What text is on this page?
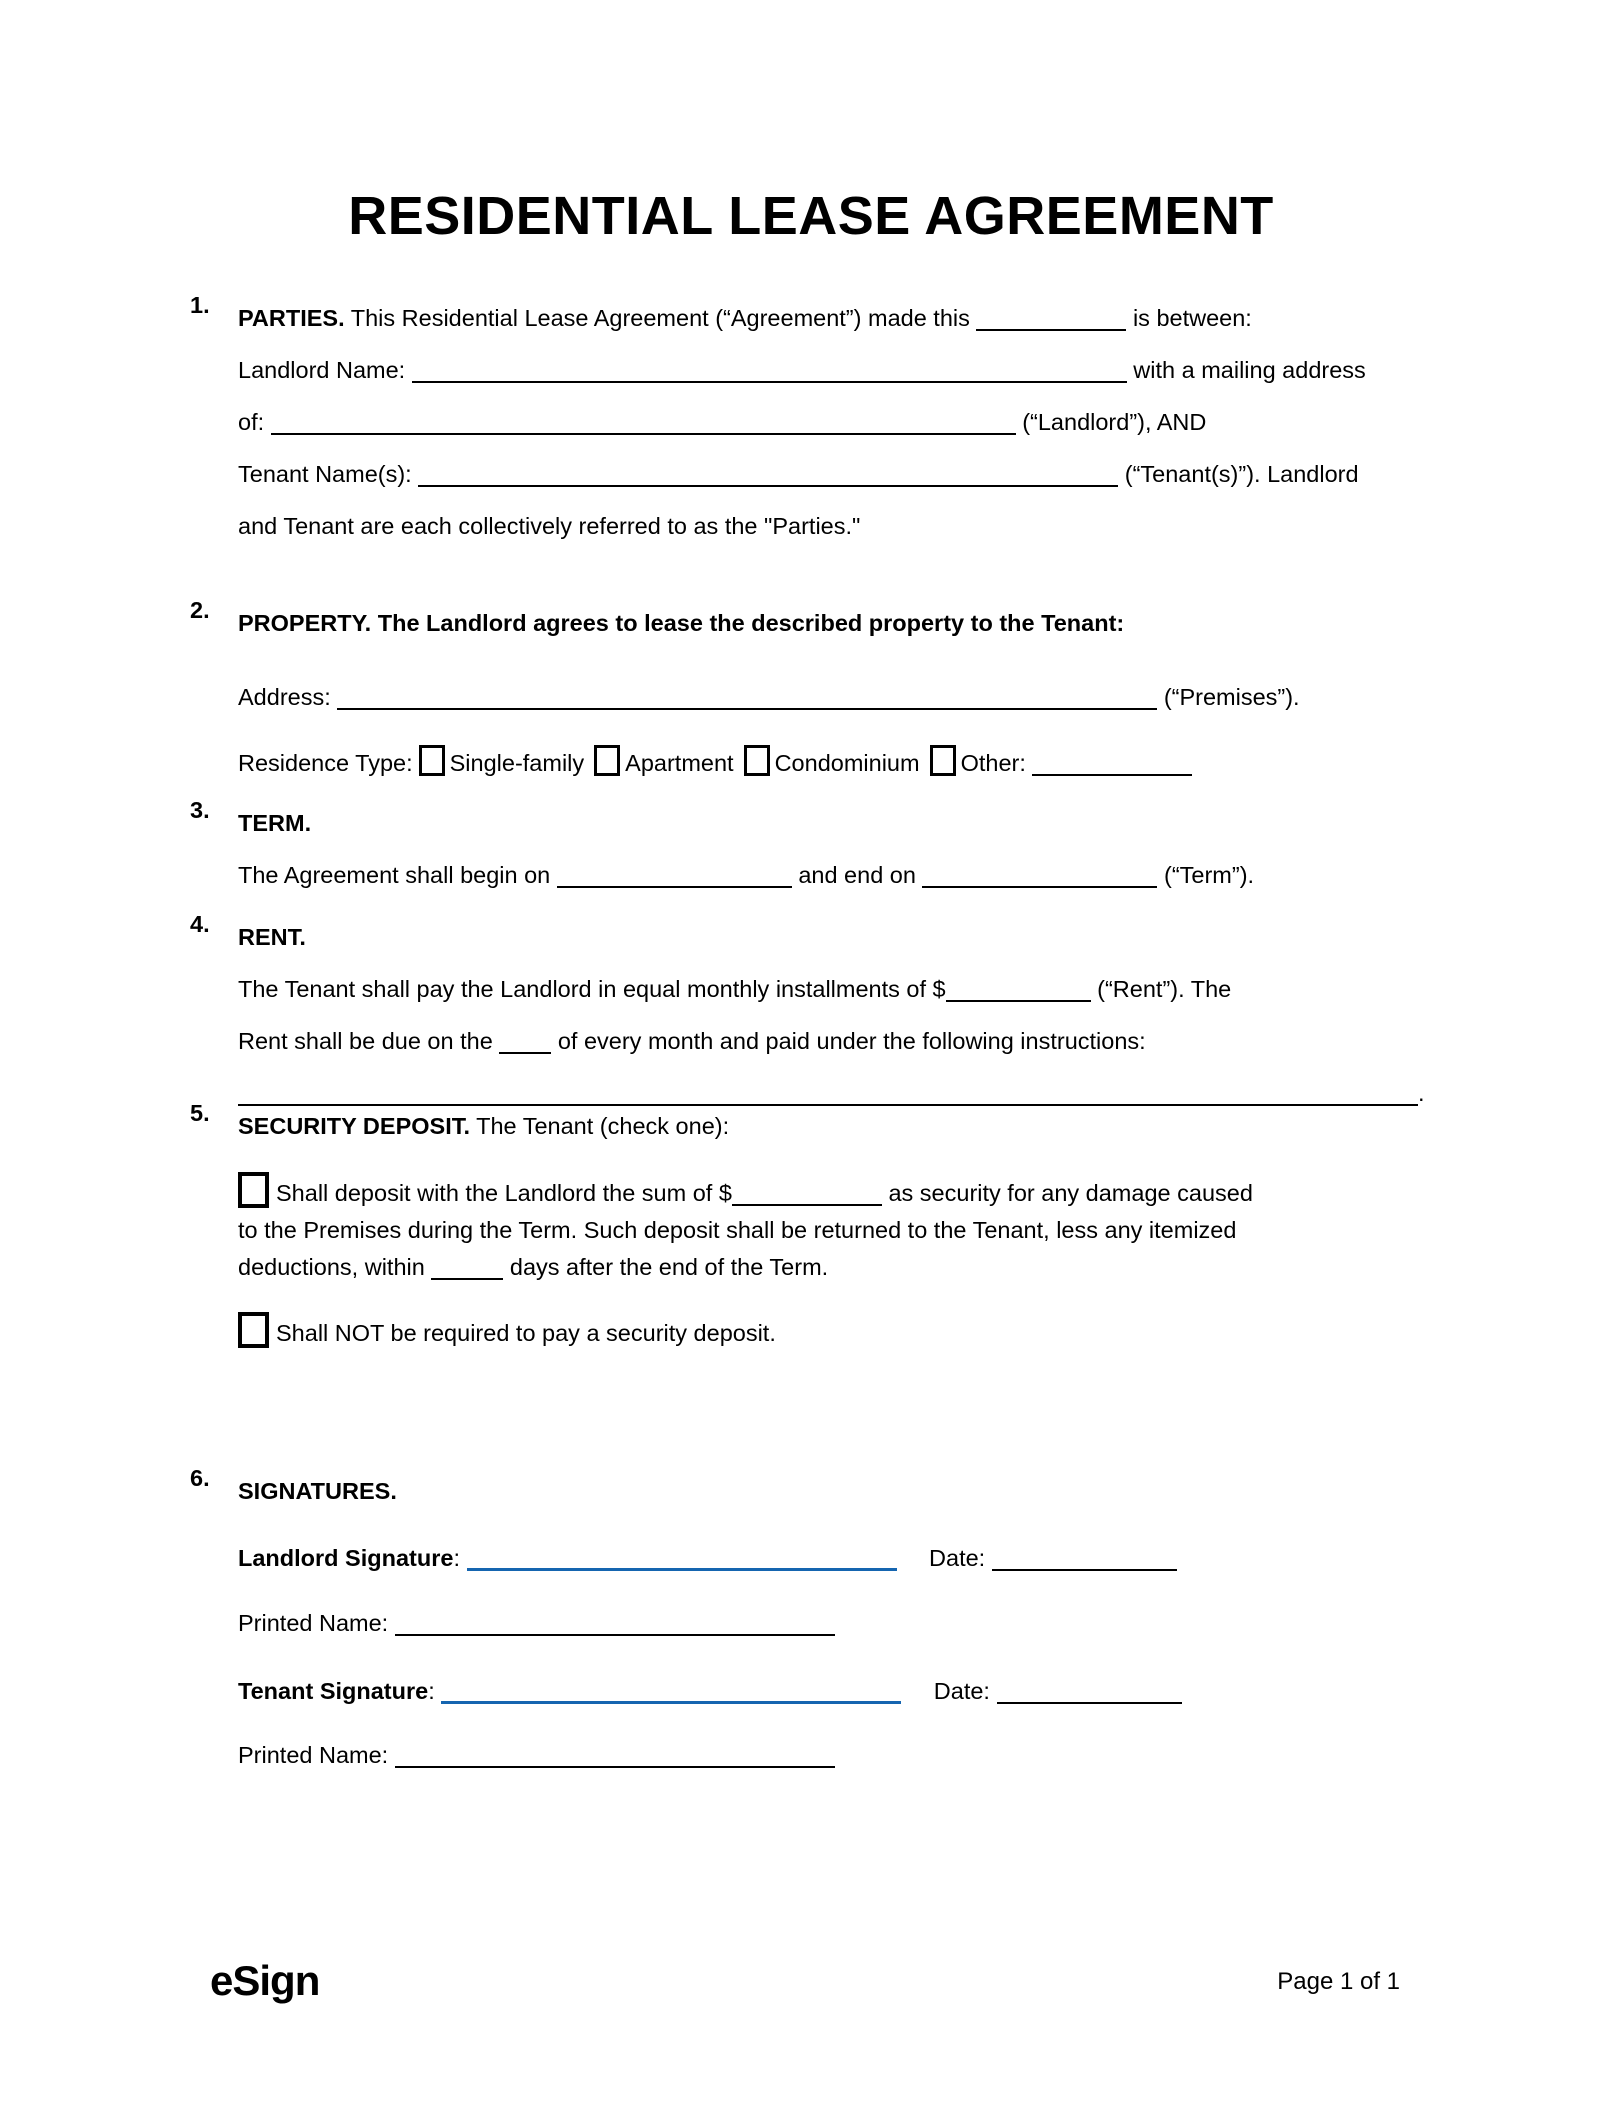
RESIDENTIAL LEASE AGREEMENT
1.	PARTIES. This Residential Lease Agreement (“Agreement”) made this	is between:
Landlord Name:	with a mailing address
of:	(“Landlord”), AND
Tenant Name(s):	(“Tenant(s)”). Landlord
and Tenant are each collectively referred to as the "Parties."
2.	PROPERTY. The Landlord agrees to lease the described property to the Tenant:
Address:	(“Premises”).
Residence Type: Single-family Apartment Condominium Other:
3.	TERM.
The Agreement shall begin on	and end on	(“Term”).
4.	RENT.
The Tenant shall pay the Landlord in equal monthly installments of $	(“Rent”). The
Rent shall be due on the	of every month and paid under the following instructions:
.
5.	SECURITY DEPOSIT. The Tenant (check one):
Shall deposit with the Landlord the sum of $	as security for any damage caused
to the Premises during the Term. Such deposit shall be returned to the Tenant, less any itemized
deductions, within	days after the end of the Term.
Shall NOT be required to pay a security deposit.
6.	SIGNATURES.
Landlord Signature:	Date:
Printed Name:
Tenant Signature:	Date:
Printed Name:
eSign	Page 1 of 1
